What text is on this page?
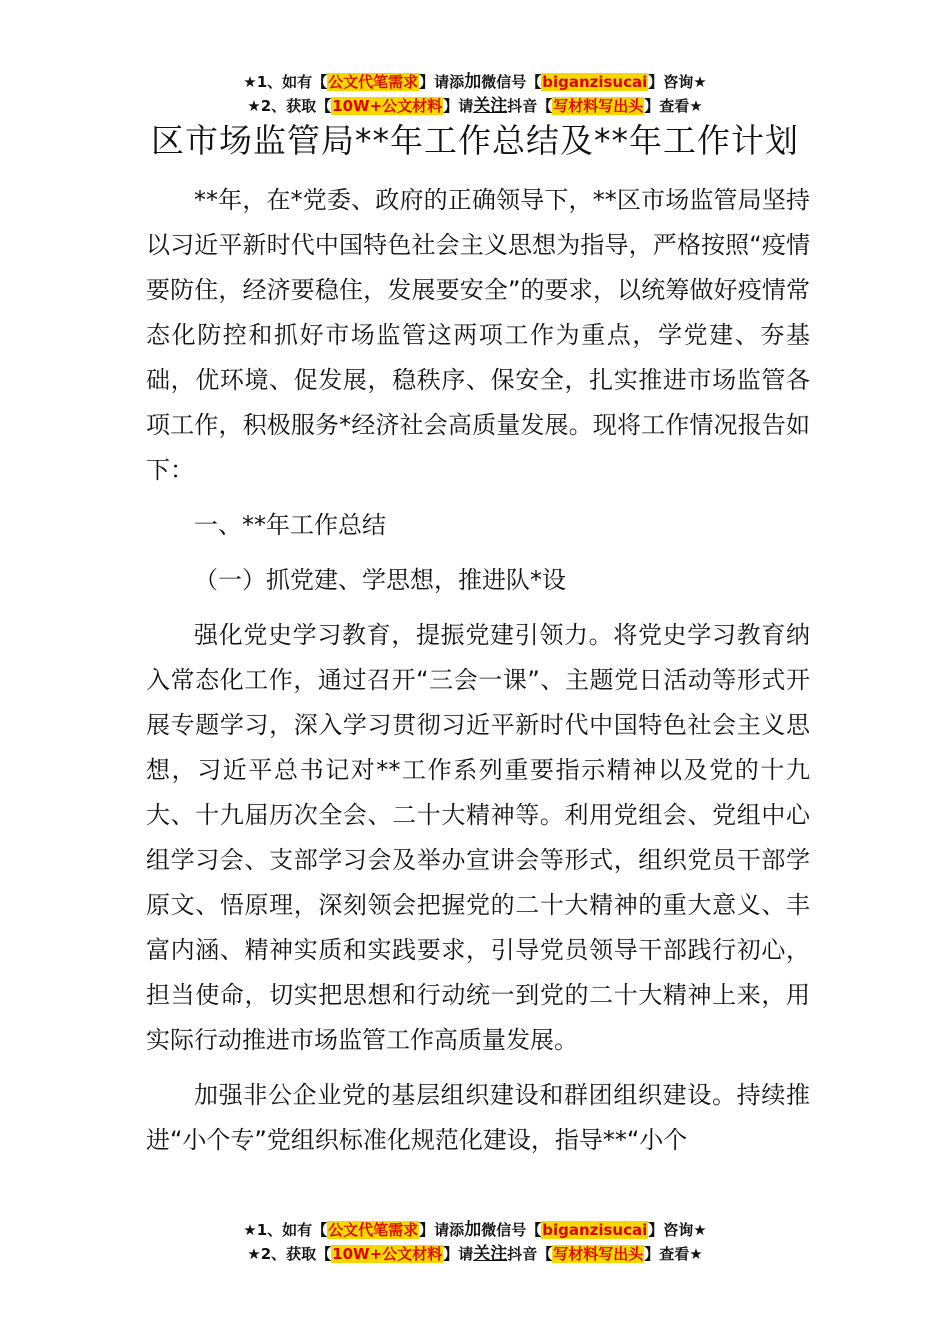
★1、如有【公文代笔需求】请添加微信号【biganzisucai】咨询★
★2、获取【10W+公文材料】请关注抖音【写材料写出头】查看★
区市场监管局**年工作总结及**年工作计划

**年，在*党委、政府的正确领导下，**区市场监管局坚持以习近平新时代中国特色社会主义思想为指导，严格按照“疫情要防住，经济要稳住，发展要安全”的要求，以统筹做好疫情常态化防控和抓好市场监管这两项工作为重点，学党建、夯基础，优环境、促发展，稳秩序、保安全，扎实推进市场监管各项工作，积极服务*经济社会高质量发展。现将工作情况报告如下：

一、**年工作总结

（一）抓党建、学思想，推进队*设

强化党史学习教育，提振党建引领力。将党史学习教育纳入常态化工作，通过召开“三会一课”、主题党日活动等形式开展专题学习，深入学习贯彻习近平新时代中国特色社会主义思想，习近平总书记对**工作系列重要指示精神以及党的十九大、十九届历次全会、二十大精神等。利用党组会、党组中心组学习会、支部学习会及举办宣讲会等形式，组织党员干部学原文、悟原理，深刻领会把握党的二十大精神的重大意义、丰富内涵、精神实质和实践要求，引导党员领导干部践行初心，担当使命，切实把思想和行动统一到党的二十大精神上来，用实际行动推进市场监管工作高质量发展。

加强非公企业党的基层组织建设和群团组织建设。持续推进“小个专”党组织标准化规范化建设，指导**“小个

★1、如有【公文代笔需求】请添加微信号【biganzisucai】咨询★
★2、获取【10W+公文材料】请关注抖音【写材料写出头】查看★
